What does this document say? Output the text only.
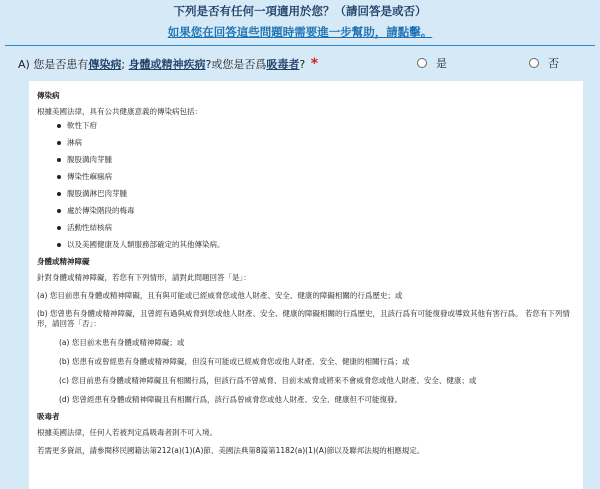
下列是否有任何一項適用於您？（請回答是或否）
如果您在回答這些問題時需要進一步幫助，請點擊。
A) 您是否患有傳染病; 身體或精神疾病?或您是否爲吸毒者? *	是	否
傳染病
根據美國法律，具有公共健康意義的傳染病包括：
軟性下疳
淋病
腹股溝肉芽腫
傳染性痲瘋病
腹股溝淋巴肉芽腫
處於傳染階段的梅毒
活動性結核病
以及美國健康及人類服務部確定的其他傳染病。
身體或精神障礙
針對身體或精神障礙，若您有下列情形，請對此問題回答「是」：
(a) 您目前患有身體或精神障礙，且有與可能或已經威脅您或他人財產、安全、健康的障礙相關的行爲歷史；或
(b) 您曾患有身體或精神障礙，且曾經有過與威脅到您或他人財產、安全、健康的障礙相關的行爲歷史，且該行爲有可能復發或導致其他有害行爲。 若您有下列情形，請回答「否」：
(a) 您目前未患有身體或精神障礙；或
(b) 您患有或曾經患有身體或精神障礙，但沒有可能或已經威脅您或他人財產、安全、健康的相關行爲；或
(c) 您目前患有身體或精神障礙且有相關行爲，但該行爲不曾威脅、目前未威脅或將來不會威脅您或他人財產、安全、健康；或
(d) 您曾經患有身體或精神障礙且有相關行爲，該行爲曾威脅您或他人財產、安全、健康但不可能復發。
吸毒者
根據美國法律，任何人若被判定爲吸毒者則不可入境。
若需更多資訊，請參閱移民國籍法第212(a)(1)(A)節、美國法典第8篇第1182(a)(1)(A)節以及聯邦法規的相應規定。
